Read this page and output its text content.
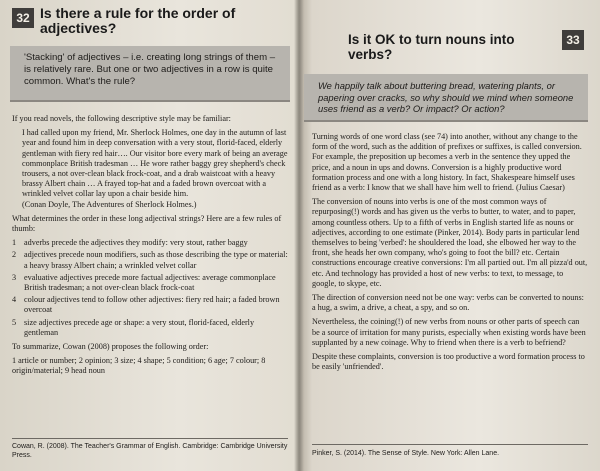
32 Is there a rule for the order of adjectives?
'Stacking' of adjectives – i.e. creating long strings of them – is relatively rare. But one or two adjectives in a row is quite common. What's the rule?

If you read novels, the following descriptive style may be familiar:

I had called upon my friend, Mr. Sherlock Holmes, one day in the autumn of last year and found him in deep conversation with a very stout, florid-faced, elderly gentleman with fiery red hair…. Our visitor bore every mark of being an average commonplace British tradesman … He wore rather baggy grey shepherd's check trousers, a not over-clean black frock-coat, and a drab waistcoat with a heavy brassy Albert chain … A frayed top-hat and a faded brown overcoat with a wrinkled velvet collar lay upon a chair beside him.

(Conan Doyle, The Adventures of Sherlock Holmes.)

What determines the order in these long adjectival strings? Here are a few rules of thumb:

1 adverbs precede the adjectives they modify: very stout, rather baggy
2 adjectives precede noun modifiers, such as those describing the type or material: a heavy brassy Albert chain; a wrinkled velvet collar
3 evaluative adjectives precede more factual adjectives: average commonplace British tradesman; a not over-clean black frock-coat
4 colour adjectives tend to follow other adjectives: fiery red hair; a faded brown overcoat
5 size adjectives precede age or shape: a very stout, florid-faced, elderly gentleman

To summarize, Cowan (2008) proposes the following order:

1 article or number; 2 opinion; 3 size; 4 shape; 5 condition; 6 age; 7 colour; 8 origin/material; 9 head noun

Cowan, R. (2008). The Teacher's Grammar of English. Cambridge: Cambridge University Press.
Is it OK to turn nouns into verbs?
33
We happily talk about buttering bread, watering plants, or papering over cracks, so why should we mind when someone uses friend as a verb? Or impact? Or action?

Turning words of one word class (see 74) into another, without any change to the form of the word, such as the addition of prefixes or suffixes, is called conversion. For example, the preposition up becomes a verb in the sentence they upped the price, and a noun in ups and downs. Conversion is a highly productive word formation process and one with a long history. In fact, Shakespeare himself uses friend as a verb: I know that we shall have him well to friend. (Julius Caesar)

The conversion of nouns into verbs is one of the most common ways of repurposing(!) words and has given us the verbs to butter, to water, and to paper, among countless others. Up to a fifth of verbs in English started life as nouns or adjectives, according to one estimate (Pinker, 2014). Body parts in particular lend themselves to being 'verbed': he shouldered the load, she elbowed her way to the front, she heads her own company, who's going to foot the bill? etc. Certain constructions encourage creative conversions: I'm all partied out. I'm all pizza'd out, etc. And technology has provided a host of new verbs: to text, to message, to google, to skype, etc.

The direction of conversion need not be one way: verbs can be converted to nouns: a hug, a swim, a drive, a cheat, a spy, and so on.

Nevertheless, the coining(!) of new verbs from nouns or other parts of speech can be a source of irritation for many purists, especially when existing words have been supplanted by a new coinage. Why to friend when there is a verb to befriend?

Despite these complaints, conversion is too productive a word formation process to be easily 'unfriended'.

Pinker, S. (2014). The Sense of Style. New York: Allen Lane.
